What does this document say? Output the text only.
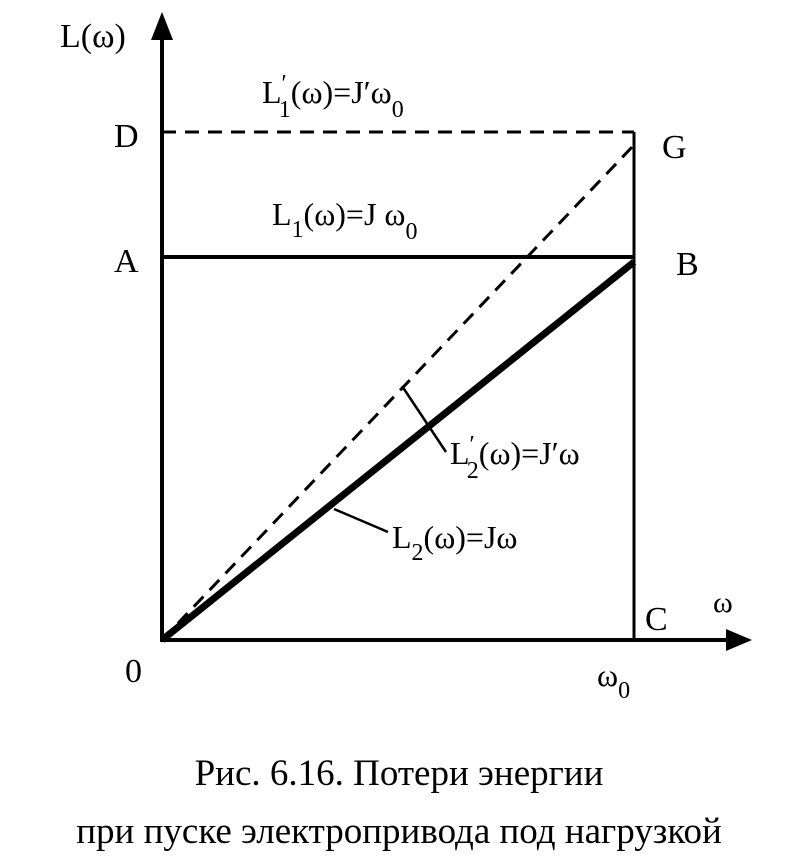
L(ω)
ω
D
A
G
B
C
0	ω0
L′ 1(ω)=J′ω0
L1(ω)=J ω0
L′ 2(ω)=J′ω
L2(ω)=Jω
Рис. 6.16. Потери энергии
при пуске электропривода под нагрузкой
